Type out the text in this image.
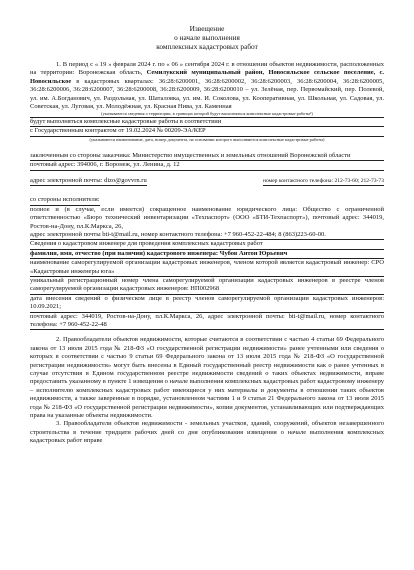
Извещение
о начале выполнения
комплексных кадастровых работ
1. В период с « 19 » февраля 2024 г. по « 06 » сентября 2024 г. в отношении объектов недвижимости, расположенных на территории: Воронежская область, Семилукский муниципальный район, Новосильское сельское поселение, с. Новосильское в кадастровых кварталах: 36:28:6200001, 36:28:6200002, 36:28:6200003, 36:28:6200004, 36:28:6200005, 36:28:6200006, 36:28:6200007, 36:28:6200008, 36:28:6200009, 36:28:6200010 – ул. Зелёная, пер. Первомайский, пер. Полевой, ул. им. А.Богданович, ул. Раздольная, ул. Шаталовка, ул. им. И. Соколова, ул. Кооперативная, ул. Школьная, ул. Садовая, ул. Советская, ул. Луговая, ул. Молодёжная, ул. Красная Нива, ул. Каменная
(указываются сведения о территории, в границах которой будут выполняться комплексные кадастровые работы²)
будут выполняться комплексные кадастровые работы в соответствии
с Государственным контрактом от 19.02.2024 № 00209-ЭА/КЕР
(указываются наименование, дата, номер документа, на основании которого выполняются комплексные кадастровые работы)
заключенным со стороны заказчика: Министерство имущественных и земельных отношений Воронежской области
почтовый адрес: 394006, г. Воронеж, ул. Ленина, д. 12
адрес электронной почты: dizo@govvrn.ru	номер контактного телефона: 212-73-60; 212-73-73
со стороны исполнителя:
полное и (в случае, если имеется) сокращенное наименование юридического лица: Общество с ограниченной ответственностью «Бюро технический инвентаризации «Техпаспорт» (ООО «БТИ-Техпаспорт»), почтовый адрес: 344019, Ростов-на-Дону, пл.К.Маркса, 26,
адрес электронной почты bti-t@mail.ru, номер контактного телефона: +7 960-452-22-484; 8 (863)223-60-00.
Сведения о кадастровом инженере для проведения комплексных кадастровых работ
фамилия, имя, отчество (при наличии) кадастрового инженера: Чубов Антон Юрьевич
наименование саморегулируемой организации кадастровых инженеров, членом которой является кадастровый инженер: СРО «Кадастровые инженеры юга»
уникальный регистрационный номер члена саморегулируемой организации кадастровых инженеров в реестре членов саморегулируемой организации кадастровых инженеров: НП002968
дата внесения сведений о физическом лице в реестр членов саморегулируемой организации кадастровых инженеров: 10.09.2021;
почтовый адрес: 344019, Ростов-на-Дону, пл.К.Маркса, 26, адрес электронной почты: bti-t@mail.ru, номер контактного телефона: +7 960-452-22-48
2. Правообладатели объектов недвижимости, которые считаются в соответствии с частью 4 статьи 69 Федерального закона от 13 июля 2015 года № 218-ФЗ «О государственной регистрации недвижимости» ранее учтенными или сведения о которых в соответствии с частью 9 статьи 69 Федерального закона от 13 июля 2015 года № 218-ФЗ «О государственной регистрации недвижимости» могут быть внесены в Единый государственный реестр недвижимости как о ранее учтенных в случае отсутствия в Едином государственном реестре недвижимости сведений о таких объектах недвижимости, вправе предоставить указанному в пункте 1 извещения о начале выполнения комплексных кадастровых работ кадастровому инженеру – исполнителю комплексных кадастровых работ имеющиеся у них материалы и документы в отношении таких объектов недвижимости, а также заверенные в порядке, установленном частями 1 и 9 статьи 21 Федерального закона от 13 июля 2015 года № 218-ФЗ «О государственной регистрации недвижимости», копии документов, устанавливающих или подтверждающих права на указанные объекты недвижимости.
3. Правообладатели объектов недвижимости - земельных участков, зданий, сооружений, объектов незавершенного строительства в течение тридцати рабочих дней со дня опубликования извещения о начале выполнения комплексных кадастровых работ вправе
